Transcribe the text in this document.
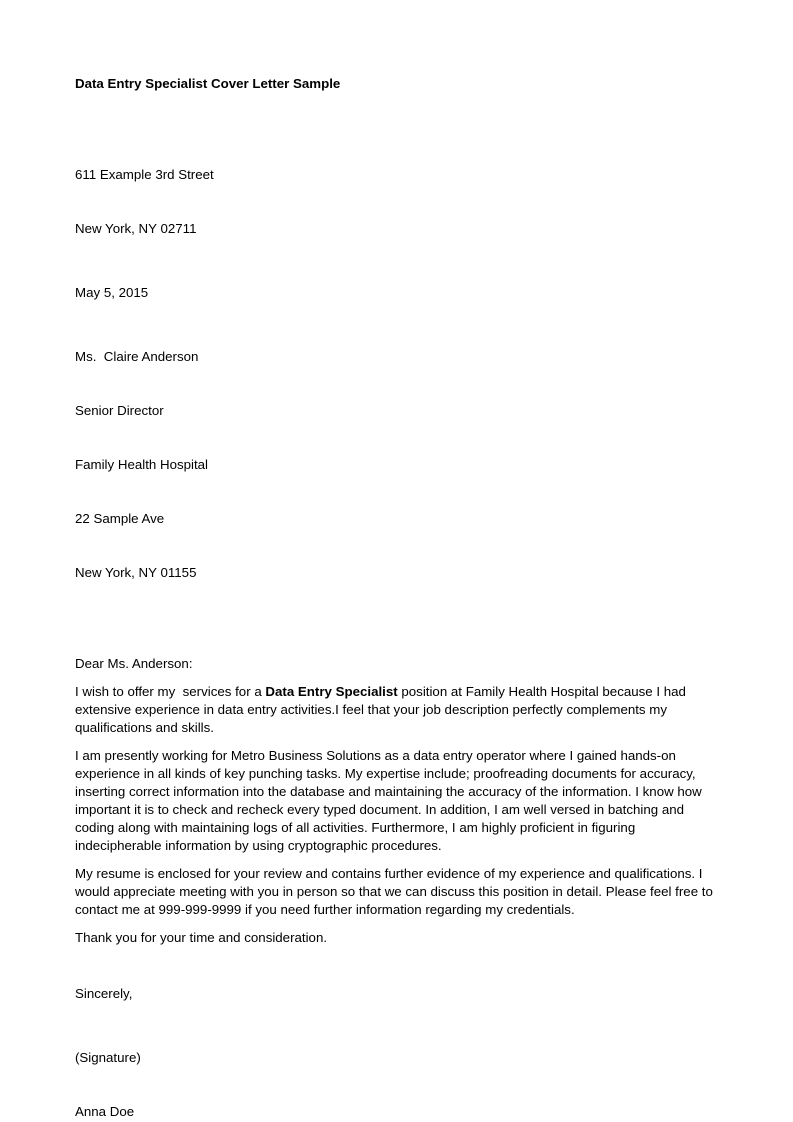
Data Entry Specialist Cover Letter Sample

611 Example 3rd Street

New York, NY 02711

May 5, 2015

Ms.  Claire Anderson

Senior Director

Family Health Hospital

22 Sample Ave

New York, NY 01155

Dear Ms. Anderson:
I wish to offer my  services for a Data Entry Specialist position at Family Health Hospital because I had extensive experience in data entry activities.I feel that your job description perfectly complements my qualifications and skills.
I am presently working for Metro Business Solutions as a data entry operator where I gained hands-on experience in all kinds of key punching tasks. My expertise include; proofreading documents for accuracy, inserting correct information into the database and maintaining the accuracy of the information. I know how important it is to check and recheck every typed document. In addition, I am well versed in batching and coding along with maintaining logs of all activities. Furthermore, I am highly proficient in figuring indecipherable information by using cryptographic procedures.
My resume is enclosed for your review and contains further evidence of my experience and qualifications. I would appreciate meeting with you in person so that we can discuss this position in detail. Please feel free to contact me at 999-999-9999 if you need further information regarding my credentials.
Thank you for your time and consideration.
Sincerely,

(Signature)

Anna Doe
